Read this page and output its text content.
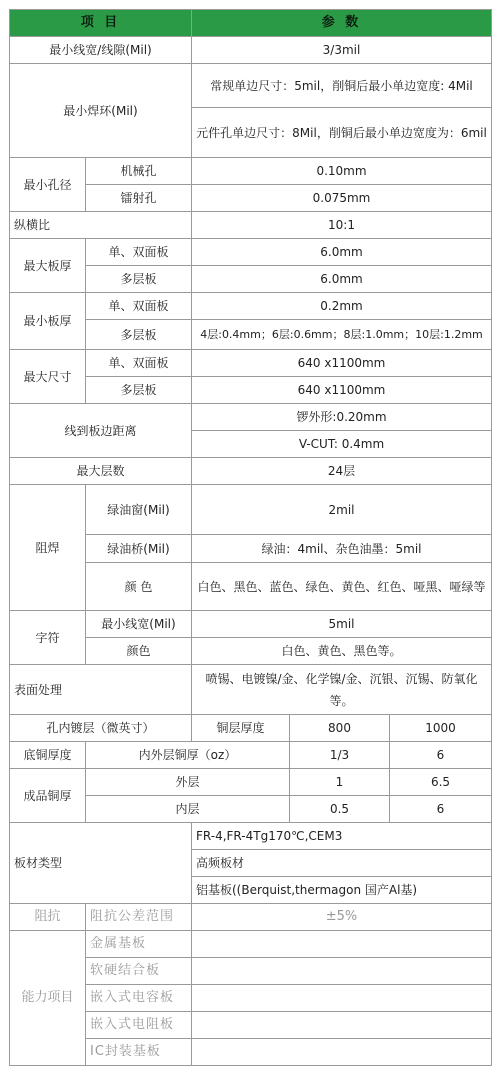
项 目		参 数		
最小线宽/线隙(Mil)		3/3mil		
最小焊环(Mil)		常规单边尺寸：5mil，削铜后最小单边宽度: 4Mil		
		元件孔单边尺寸：8Mil，削铜后最小单边宽度为：6mil		
最小孔径	机械孔	0.10mm		
	镭射孔	0.075mm		
纵横比		10:1		
最大板厚	单、双面板	6.0mm		
	多层板	6.0mm		
最小板厚	单、双面板	0.2mm		
	多层板	4层:0.4mm；6层:0.6mm；8层:1.0mm；10层:1.2mm		
最大尺寸	单、双面板	640 x1100mm		
	多层板	640 x1100mm		
线到板边距离		锣外形:0.20mm		
		V-CUT: 0.4mm		
最大层数		24层		
阻焊	绿油窗(Mil)	2mil		
	绿油桥(Mil)	绿油：4mil、杂色油墨：5mil		
	颜 色	白色、黑色、蓝色、绿色、黄色、红色、哑黑、哑绿等		
字符	最小线宽(Mil)	5mil		
	颜色	白色、黄色、黑色等。		
表面处理		喷锡、电镀镍/金、化学镍/金、沉银、沉锡、防氧化等。		
孔内镀层（微英寸）		铜层厚度	800	1000
底铜厚度	内外层铜厚（oz）		1/3	6
成品铜厚	外层		1	6.5
	内层		0.5	6
板材类型		FR-4,FR-4Tg170℃,CEM3		
		高频板材		
		铝基板((Berquist,thermagon 国产Al基)		
阻抗	阻抗公差范围	±5%		
能力项目	金属基板			
	软硬结合板			
	嵌入式电容板			
	嵌入式电阻板			
	IC封装基板			
